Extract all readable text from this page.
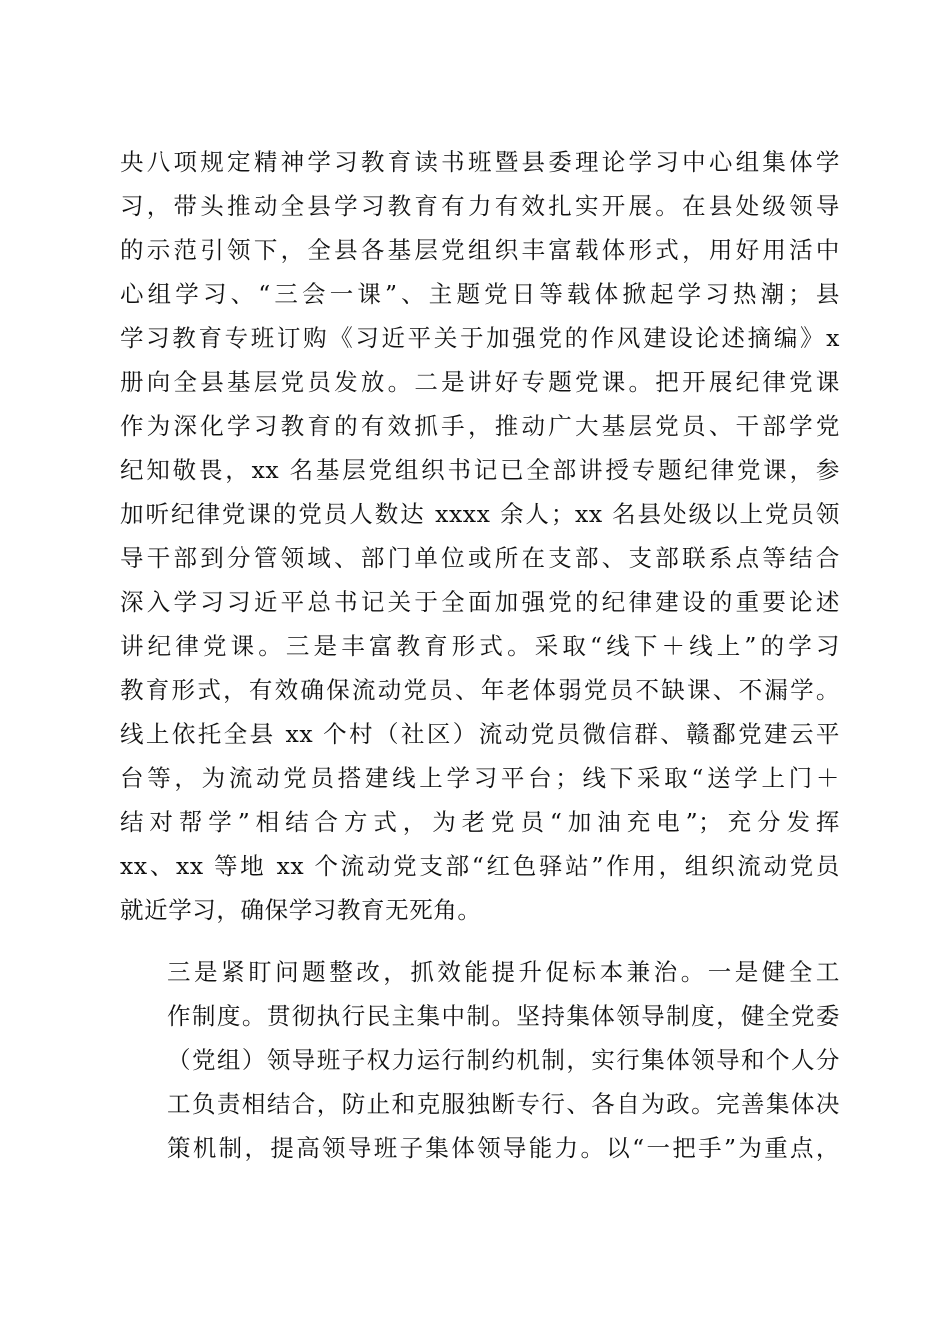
央八项规定精神学习教育读书班暨县委理论学习中心组集体学
习，带头推动全县学习教育有力有效扎实开展。在县处级领导
的示范引领下，全县各基层党组织丰富载体形式，用好用活中
心组学习、“三会一课”、主题党日等载体掀起学习热潮；县
学习教育专班订购《习近平关于加强党的作风建设论述摘编》x
册向全县基层党员发放。二是讲好专题党课。把开展纪律党课
作为深化学习教育的有效抓手，推动广大基层党员、干部学党
纪知敬畏，xx 名基层党组织书记已全部讲授专题纪律党课，参
加听纪律党课的党员人数达 xxxx 余人；xx 名县处级以上党员领
导干部到分管领域、部门单位或所在支部、支部联系点等结合
深入学习习近平总书记关于全面加强党的纪律建设的重要论述
讲纪律党课。三是丰富教育形式。采取“线下＋线上”的学习
教育形式，有效确保流动党员、年老体弱党员不缺课、不漏学。
线上依托全县 xx 个村（社区）流动党员微信群、赣鄱党建云平
台等，为流动党员搭建线上学习平台；线下采取“送学上门＋
结对帮学”相结合方式，为老党员“加油充电”；充分发挥
xx、xx 等地 xx 个流动党支部“红色驿站”作用，组织流动党员
就近学习，确保学习教育无死角。
三是紧盯问题整改，抓效能提升促标本兼治。一是健全工
作制度。贯彻执行民主集中制。坚持集体领导制度，健全党委
（党组）领导班子权力运行制约机制，实行集体领导和个人分
工负责相结合，防止和克服独断专行、各自为政。完善集体决
策机制，提高领导班子集体领导能力。以“一把手”为重点，
